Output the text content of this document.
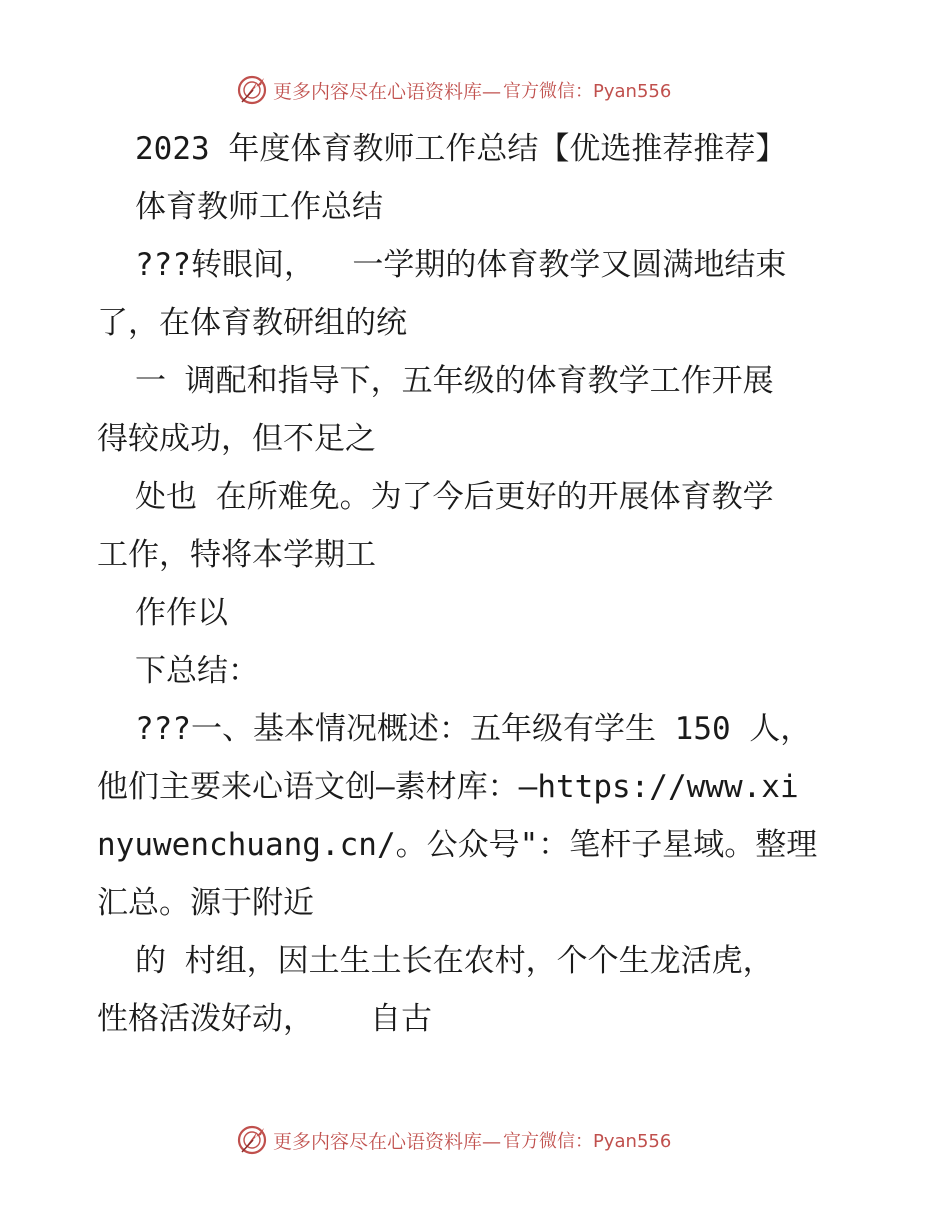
更多内容尽在心语资料库— 官方微信：Pyan556
2023 年度体育教师工作总结【优选推荐推荐】
体育教师工作总结
???转眼间，  一学期的体育教学又圆满地结束
了，在体育教研组的统
一 调配和指导下，五年级的体育教学工作开展
得较成功，但不足之
处也 在所难免。为了今后更好的开展体育教学
工作，特将本学期工
作作以
下总结：
???一、基本情况概述：五年级有学生 150 人，
他们主要来心语文创—素材库：—https://www.xi
nyuwenchuang.cn/。公众号"：笔杆子星域。整理
汇总。源于附近
的 村组，因土生土长在农村，个个生龙活虎，
性格活泼好动，   自古
更多内容尽在心语资料库— 官方微信：Pyan556
